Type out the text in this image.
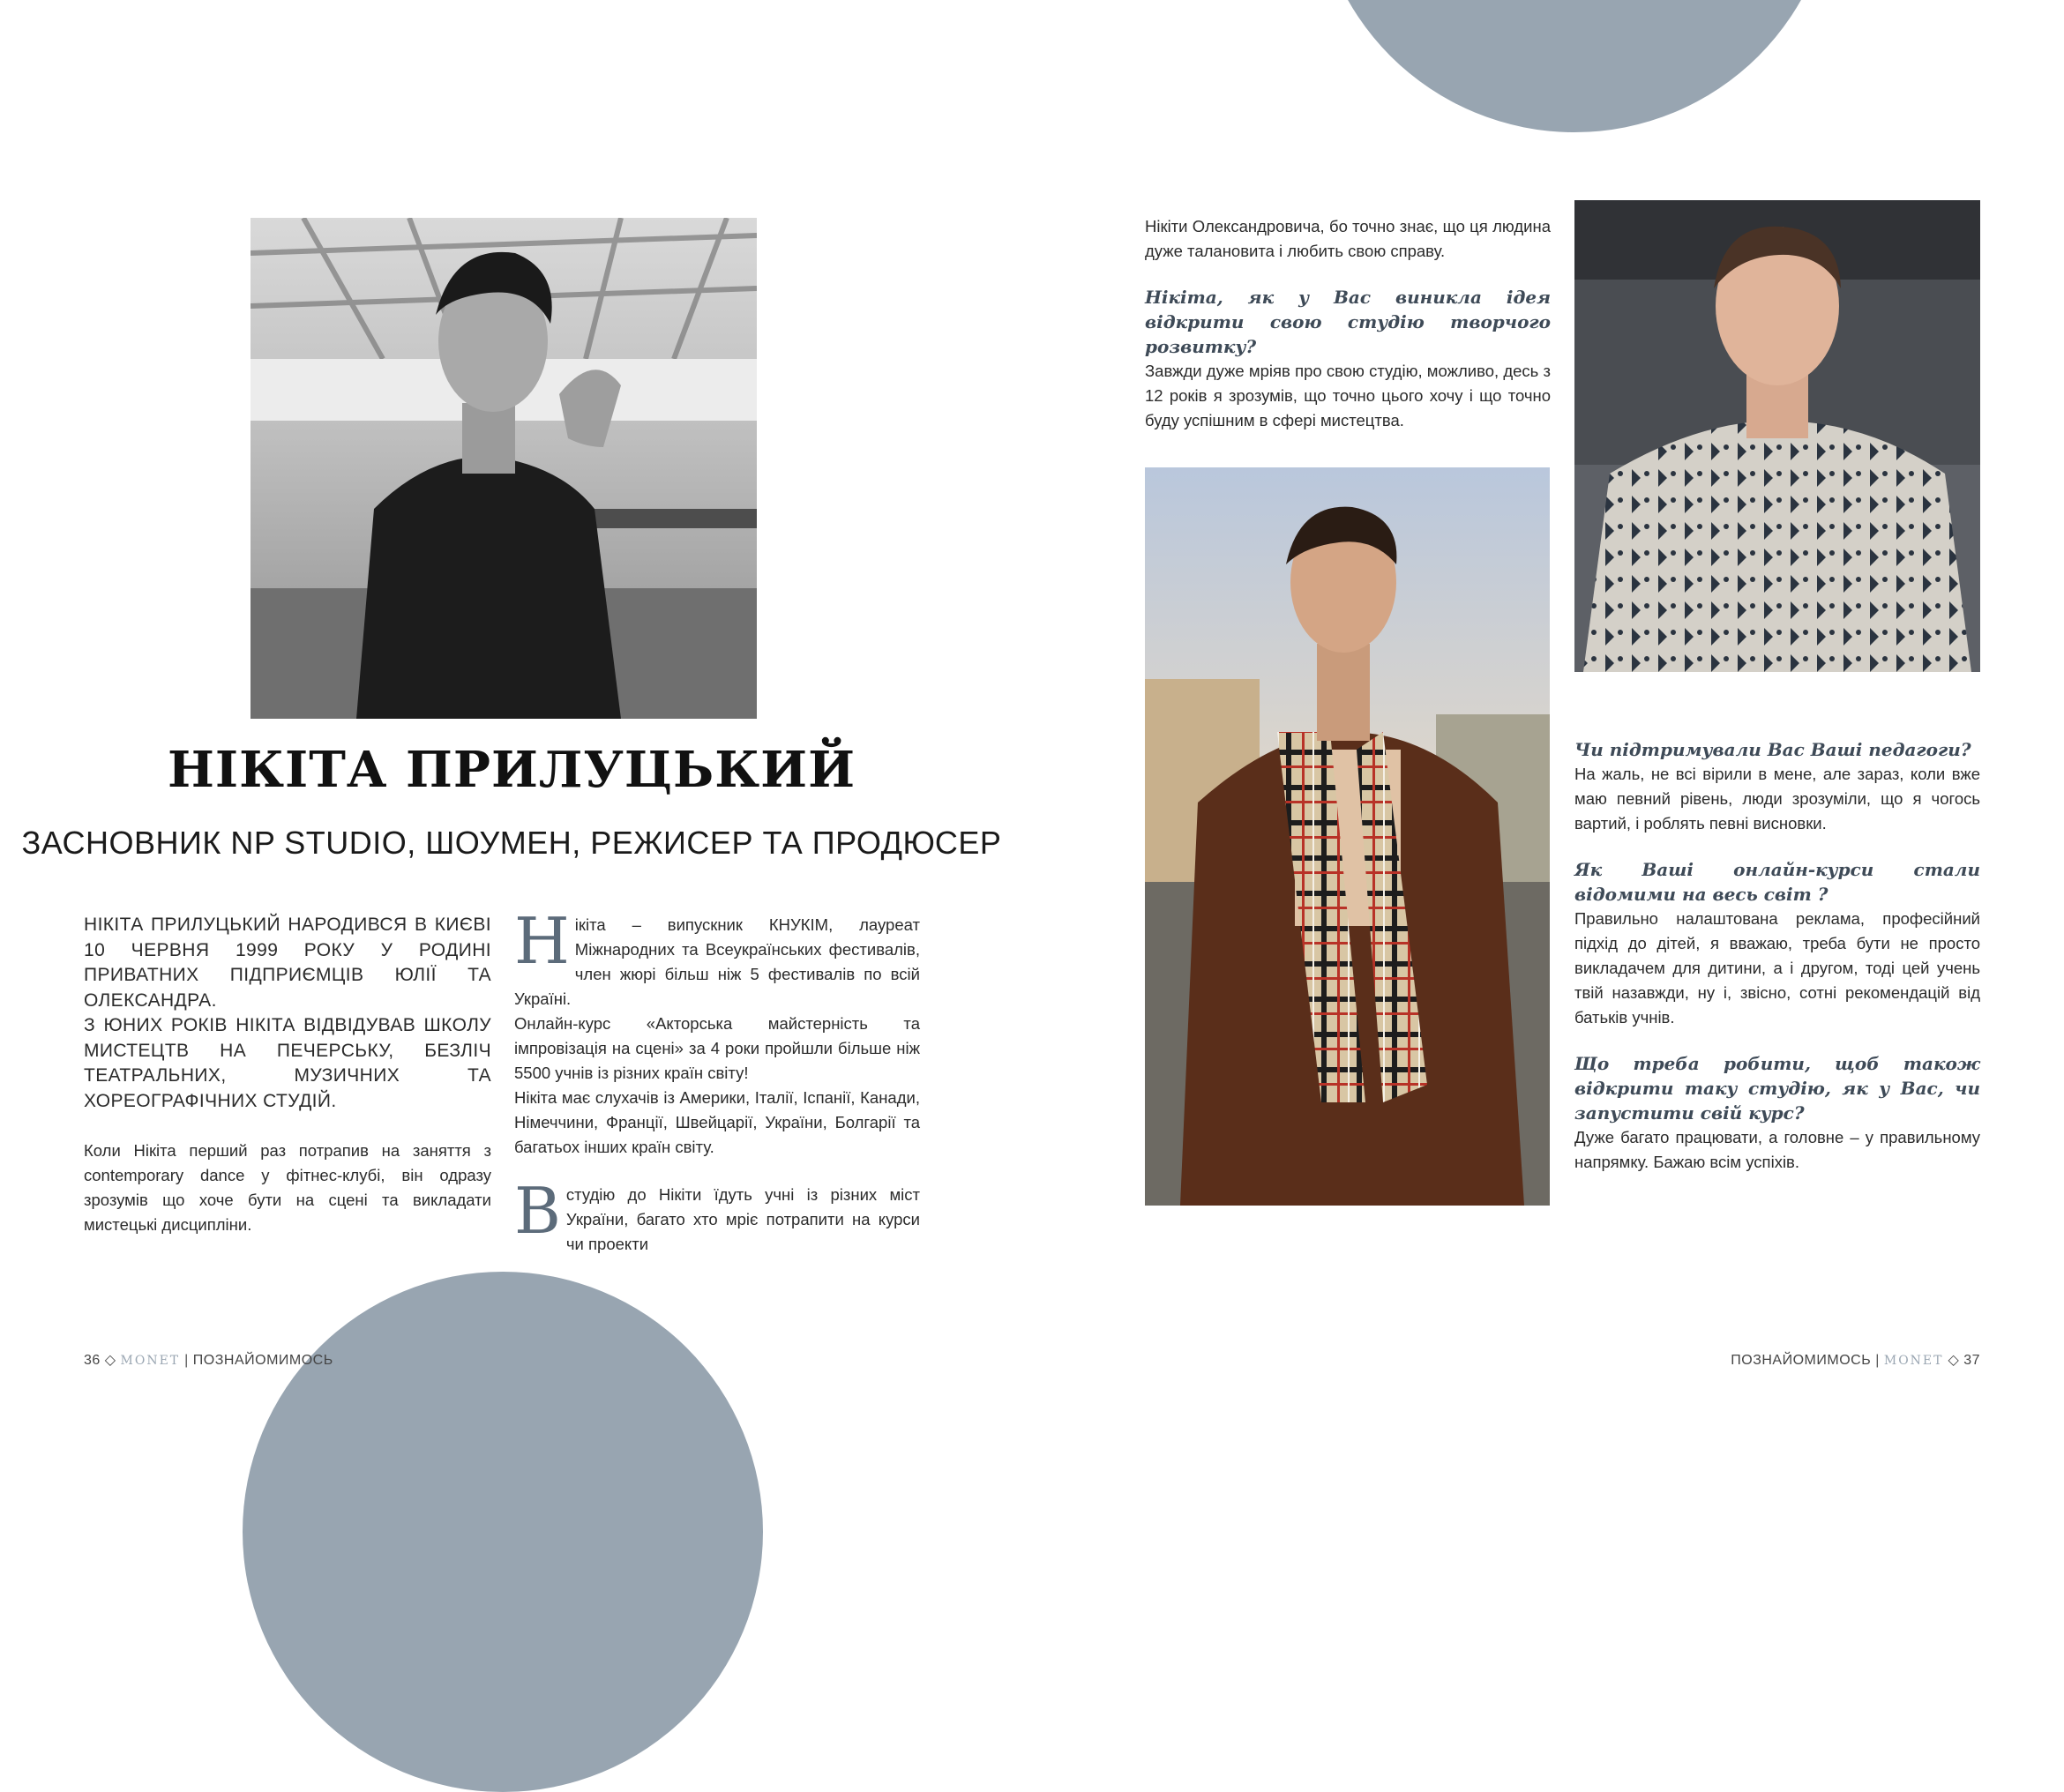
НІКІТА ПРИЛУЦЬКИЙ
ЗАСНОВНИК NP STUDIO, ШОУМЕН, РЕЖИСЕР ТА ПРОДЮСЕР

НІКІТА ПРИЛУЦЬКИЙ НАРОДИВСЯ В КИЄВІ 10 ЧЕРВНЯ 1999 РОКУ У РОДИНІ ПРИВАТНИХ ПІДПРИЄМЦІВ ЮЛІЇ ТА ОЛЕКСАНДРА.

З ЮНИХ РОКІВ НІКІТА ВІДВІДУВАВ ШКОЛУ МИСТЕЦТВ НА ПЕЧЕРСЬКУ, БЕЗЛІЧ ТЕАТРАЛЬНИХ, МУЗИЧНИХ ТА ХОРЕОГРАФІЧНИХ СТУДІЙ.

Коли Нікіта перший раз потрапив на заняття з contemporary dance у фітнес-клубі, він одразу зрозумів що хоче бути на сцені та викладати мистецькі дисципліни.

Нікіта – випускник КНУКІМ, лауреат Міжнародних та Всеукраїнських фестивалів, член жюрі більш ніж 5 фестивалів по всій Україні.

Онлайн-курс «Акторська майстерність та імпровізація на сцені» за 4 роки пройшли більше ніж 5500 учнів із різних країн світу!

Нікіта має слухачів із Америки, Італії, Іспанії, Канади, Німеччини, Франції, Швейцарії, України, Болгарії та багатьох інших країн світу.

Встудію до Нікіти їдуть учні із різних міст України, багато хто мріє потрапити на курси чи проекти

Нікіти Олександровича, бо точно знає, що ця людина дуже талановита і любить свою справу.

Нікіта, як у Вас виникла ідея відкрити свою студію творчого розвитку?

Завжди дуже мріяв про свою студію, можливо, десь з 12 років я зрозумів, що точно цього хочу і що точно буду успішним в сфері мистецтва.

Чи підтримували Вас Ваші педагоги?

На жаль, не всі вірили в мене, але зараз, коли вже маю певний рівень, люди зрозуміли, що я чогось вартий, і роблять певні висновки.

Як Ваші онлайн-курси стали відомими на весь світ ?

Правильно налаштована реклама, професійний підхід до дітей, я вважаю, треба бути не просто викладачем для дитини, а і другом, тоді цей учень твій назавжди, ну і, звісно, сотні рекомендацій від батьків учнів.

Що треба робити, щоб також відкрити таку студію, як у Вас, чи запустити свій курс?

Дуже багато працювати, а головне – у правильному напрямку. Бажаю всім успіхів.

36 ◇ MONET | ПОЗНАЙОМИМОСЬ	ПОЗНАЙОМИМОСЬ | MONET ◇ 37
